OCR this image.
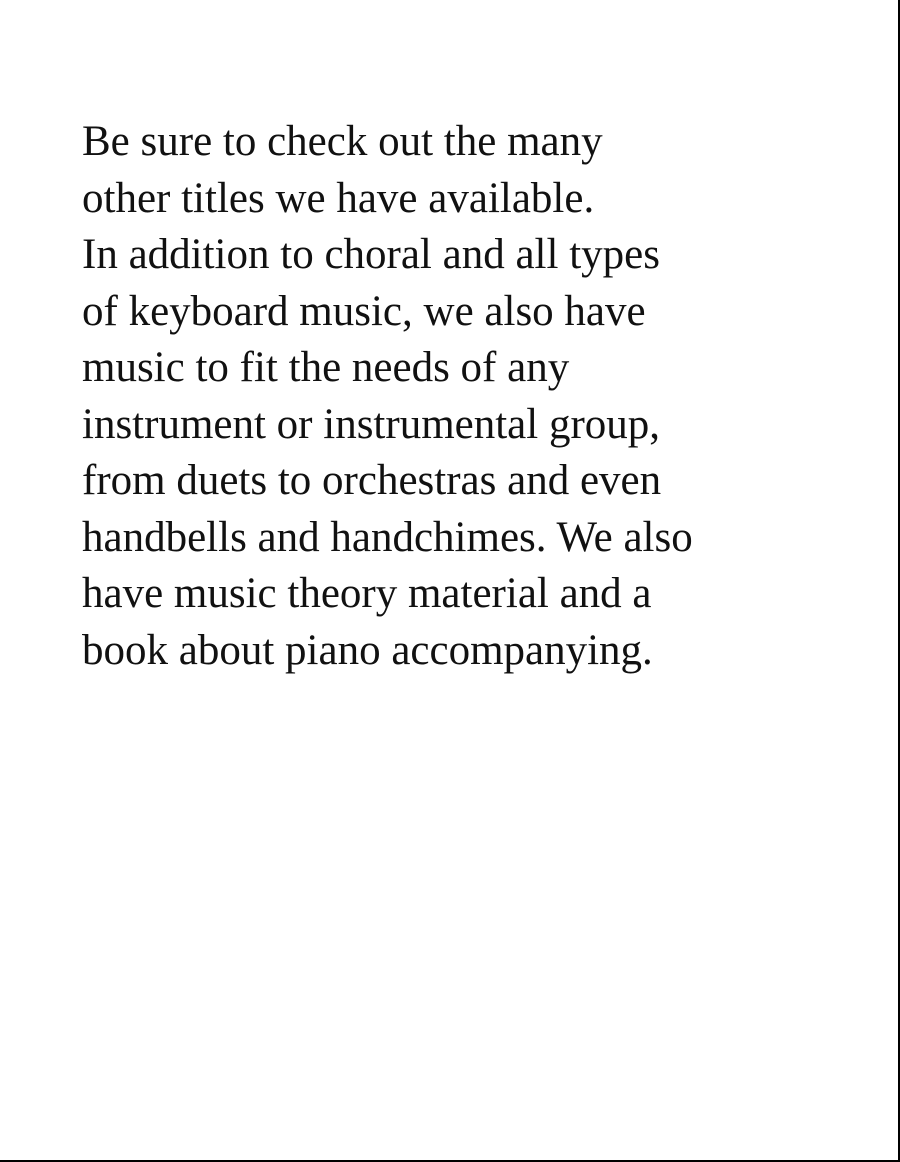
Be sure to check out the many
other titles we have available.
In addition to choral and all types
of keyboard music, we also have
music to fit the needs of any
instrument or instrumental group,
from duets to orchestras and even
handbells and handchimes. We also
have music theory material and a
book about piano accompanying.
